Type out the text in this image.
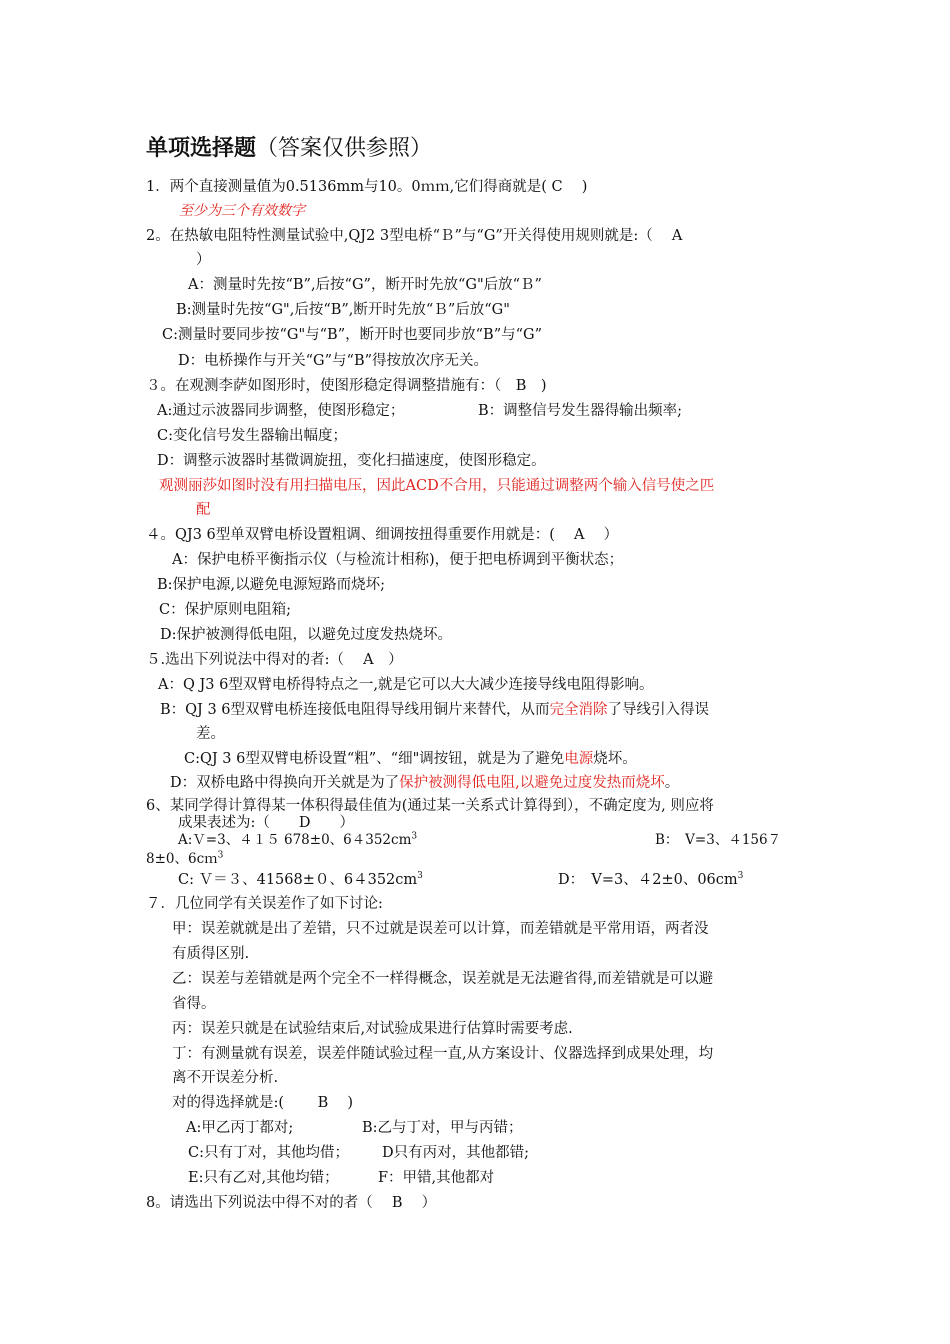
单项选择题（答案仅供参照）
1．两个直接测量值为0.5136mm与10。0ｍｍ,它们得商就是( C　 )
至少为三个有效数字
2。在热敏电阻特性测量试验中,QJ2 3型电桥“Ｂ”与“G”开关得使用规则就是:（　 A
）
A：测量时先按“B”,后按“G”，断开时先放“G"后放“Ｂ”
B:测量时先按“G",后按“B”,断开时先放“Ｂ”后放“G"
C:测量时要同步按“G"与“B”，断开时也要同步放“B”与“G”
D：电桥操作与开关“G”与“B”得按放次序无关。
３。在观测李萨如图形时，使图形稳定得调整措施有：（　B　)
A:通过示波器同步调整，使图形稳定；	B：调整信号发生器得输出频率;
C:变化信号发生器输出幅度；
D：调整示波器时基微调旋扭，变化扫描速度，使图形稳定。
观测丽莎如图时没有用扫描电压，因此ACD不合用，只能通过调整两个输入信号使之匹
配
４。QJ3 6型单双臂电桥设置粗调、细调按扭得重要作用就是：(　 A　 ）
A：保护电桥平衡指示仪（与检流计相称)，便于把电桥调到平衡状态；
B:保护电源,以避免电源短路而烧坏;
C：保护原则电阻箱;
D:保护被测得低电阻，以避免过度发热烧坏。
５.选出下列说法中得对的者:（　 A　）
A：Q J3 6型双臂电桥得特点之一,就是它可以大大减少连接导线电阻得影响。
B：QJ 3 6型双臂电桥连接低电阻得导线用铜片来替代，从而完全消除了导线引入得误
差。
C:QJ 3 6型双臂电桥设置“粗”、“细"调按钮，就是为了避免电源烧坏。
D：双桥电路中得换向开关就是为了保护被测得低电阻,以避免过度发热而烧坏。
6、某同学得计算得某一体积得最佳值为(通过某一关系式计算得到），不确定度为, 则应将
成果表述为:（　　D　　）
A:Ｖ=3、４１５ 678±0、$64352cm^3$	B：　V=3、４156７
8±0、6cｍ$^3$
C: Ｖ＝３、41568±０、$64352cm^3$	D：　V=3、４2±0、$06cm^3$
７．几位同学有关误差作了如下讨论:
甲：误差就就是出了差错，只不过就是误差可以计算，而差错就是平常用语，两者没
有质得区别.
乙：误差与差错就是两个完全不一样得概念，误差就是无法避省得,而差错就是可以避
省得。
丙：误差只就是在试验结束后,对试验成果进行估算时需要考虑.
丁：有测量就有误差，误差伴随试验过程一直,从方案设计、仪器选择到成果处理，均
离不开误差分析.
对的得选择就是:(　　 B　 )
A:甲乙丙丁都对;	B:乙与丁对，甲与丙错；
C:只有丁对，其他均借； D只有丙对，其他都错;
E:只有乙对,其他均错；	F：甲错,其他都对
8。请选出下列说法中得不对的者（　 B　 ）
